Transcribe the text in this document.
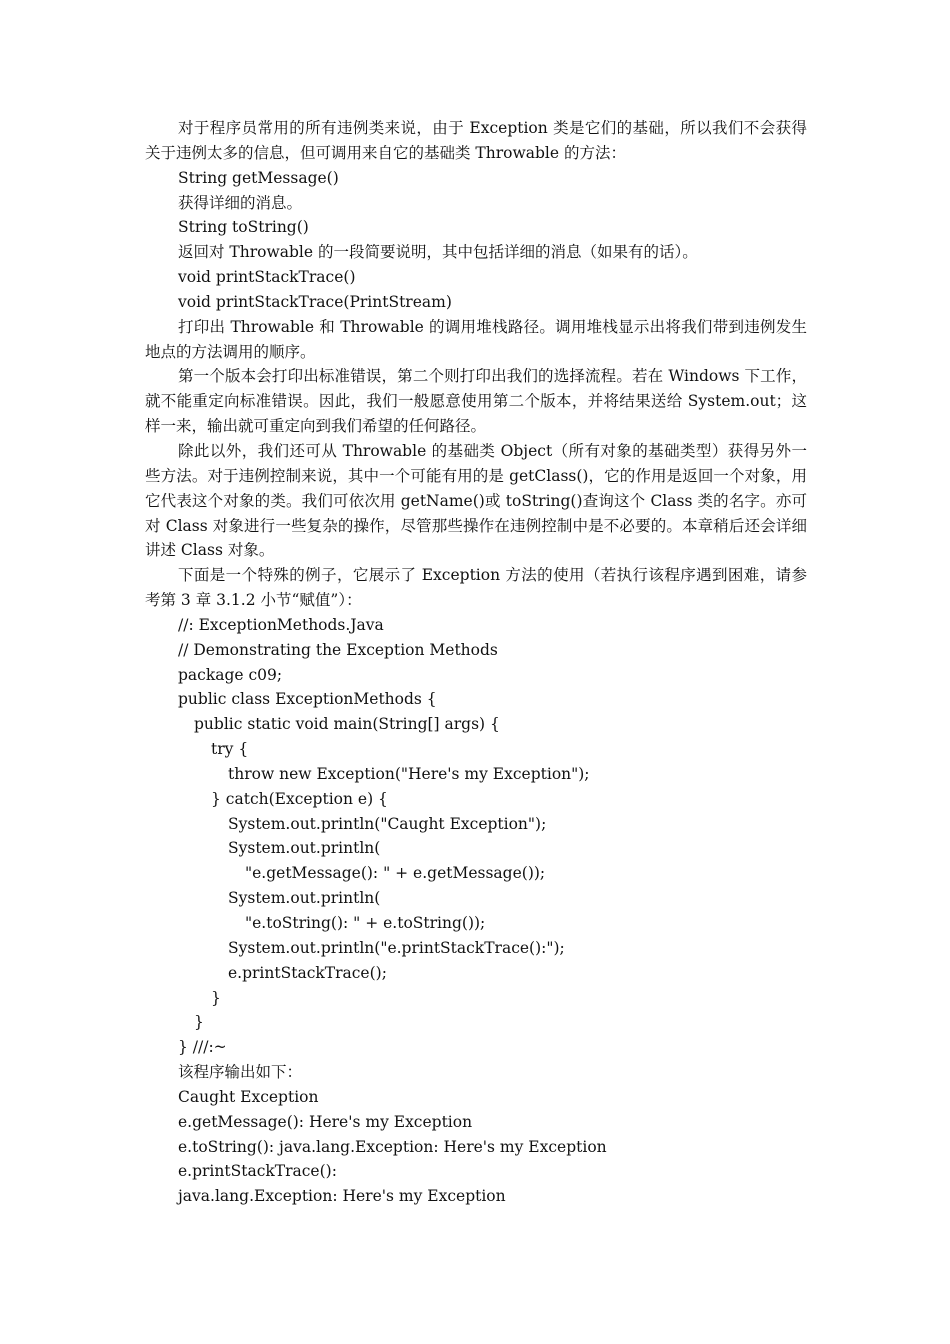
对于程序员常用的所有违例类来说，由于 Exception 类是它们的基础，所以我们不会获得关于违例太多的信息，但可调用来自它的基础类 Throwable 的方法：

String getMessage()

获得详细的消息。

String toString()

返回对 Throwable 的一段简要说明，其中包括详细的消息（如果有的话）。

void printStackTrace()

void printStackTrace(PrintStream)

打印出 Throwable 和 Throwable 的调用堆栈路径。调用堆栈显示出将我们带到违例发生地点的方法调用的顺序。

第一个版本会打印出标准错误，第二个则打印出我们的选择流程。若在 Windows 下工作，就不能重定向标准错误。因此，我们一般愿意使用第二个版本，并将结果送给 System.out；这样一来，输出就可重定向到我们希望的任何路径。

除此以外，我们还可从 Throwable 的基础类 Object（所有对象的基础类型）获得另外一些方法。对于违例控制来说，其中一个可能有用的是 getClass()，它的作用是返回一个对象，用它代表这个对象的类。我们可依次用 getName()或 toString()查询这个 Class 类的名字。亦可对 Class 对象进行一些复杂的操作，尽管那些操作在违例控制中是不必要的。本章稍后还会详细讲述 Class 对象。

下面是一个特殊的例子，它展示了 Exception 方法的使用（若执行该程序遇到困难，请参考第 3 章 3.1.2 小节“赋值”）：

//: ExceptionMethods.Java

// Demonstrating the Exception Methods

package c09;

public class ExceptionMethods {

public static void main(String[] args) {

try {

throw new Exception("Here's my Exception");

} catch(Exception e) {

System.out.println("Caught Exception");

System.out.println(

"e.getMessage(): " + e.getMessage());

System.out.println(

"e.toString(): " + e.toString());

System.out.println("e.printStackTrace():");

e.printStackTrace();

}

}

} ///:~

该程序输出如下：

Caught Exception

e.getMessage(): Here's my Exception

e.toString(): java.lang.Exception: Here's my Exception

e.printStackTrace():

java.lang.Exception: Here's my Exception
